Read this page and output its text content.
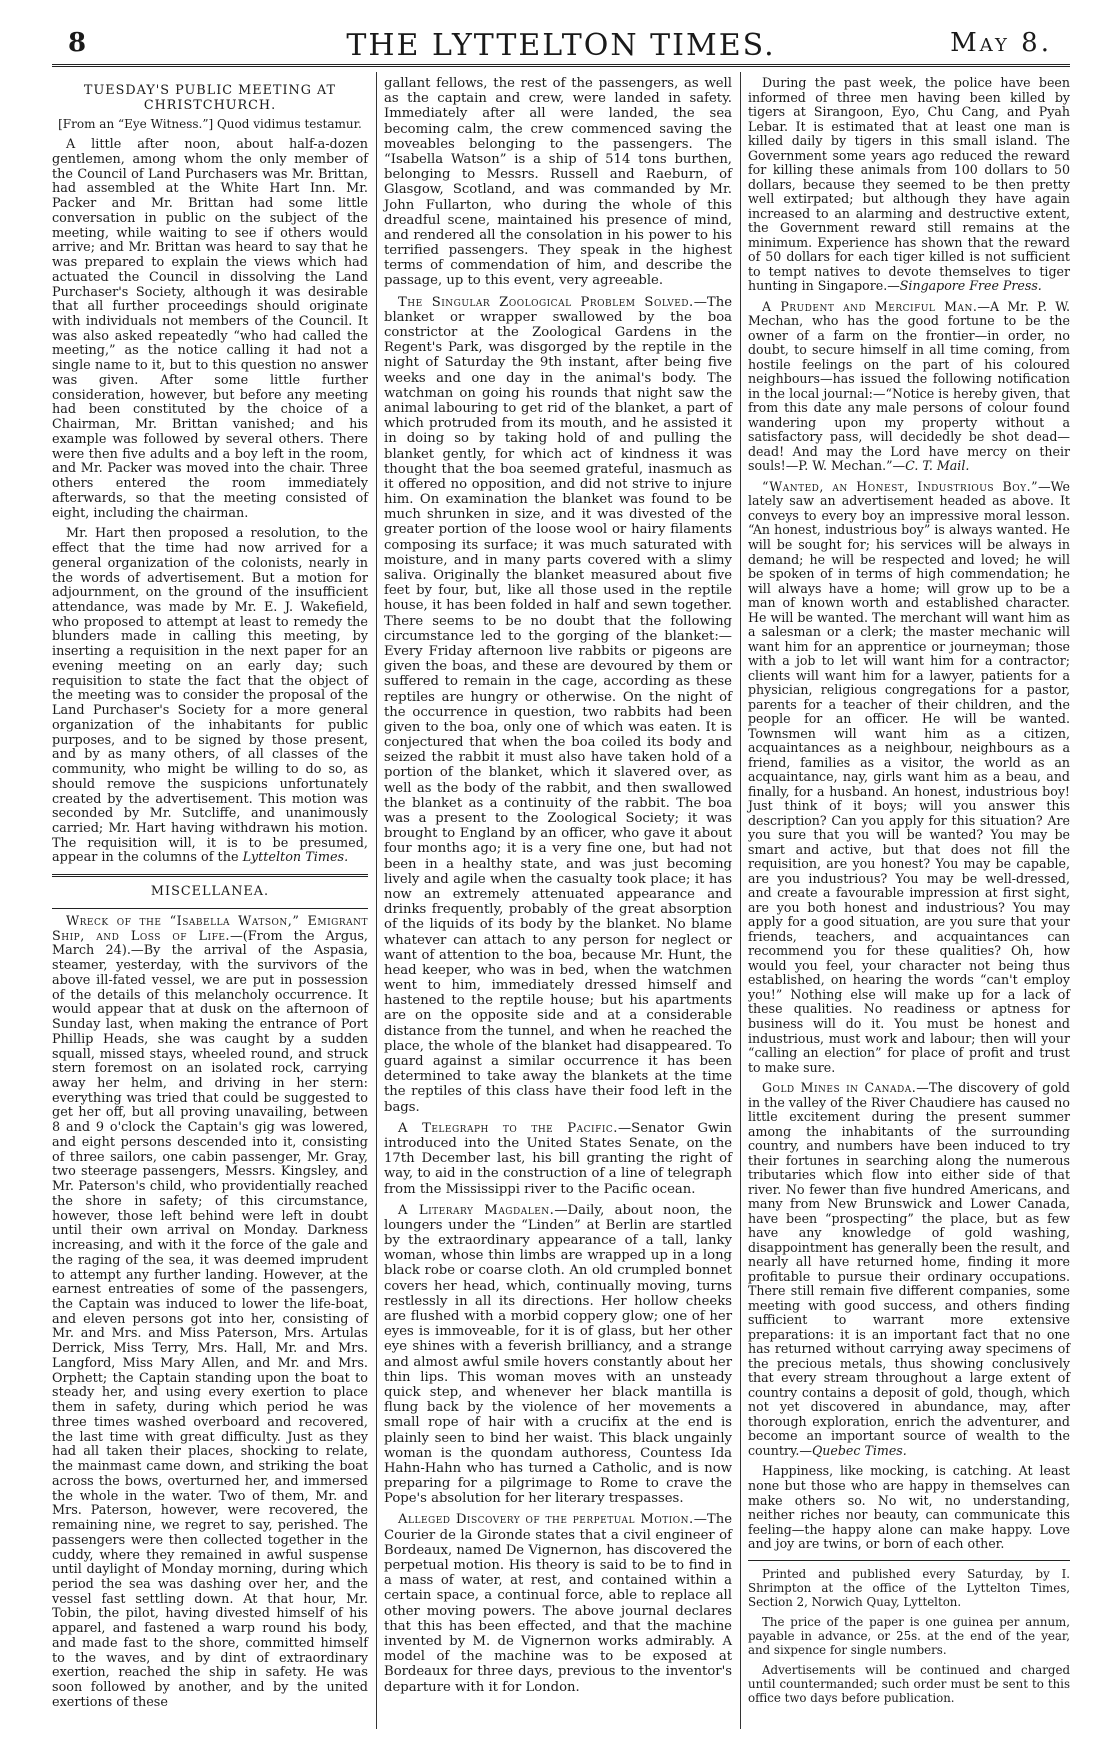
8	THE LYTTELTON TIMES.	May 8.

TUESDAY'S PUBLIC MEETING AT CHRISTCHURCH.

[From an “Eye Witness.”] Quod vidimus testamur.

A little after noon, about half-a-dozen gentlemen, among whom the only member of the Council of Land Purchasers was Mr. Brittan, had assembled at the White Hart Inn. Mr. Packer and Mr. Brittan had some little conversation in public on the subject of the meeting, while waiting to see if others would arrive; and Mr. Brittan was heard to say that he was prepared to explain the views which had actuated the Council in dissolving the Land Purchaser's Society, although it was desirable that all further proceedings should originate with individuals not members of the Council. It was also asked repeatedly “who had called the meeting,” as the notice calling it had not a single name to it, but to this question no answer was given. After some little further consideration, however, but before any meeting had been constituted by the choice of a Chairman, Mr. Brittan vanished; and his example was followed by several others. There were then five adults and a boy left in the room, and Mr. Packer was moved into the chair. Three others entered the room immediately afterwards, so that the meeting consisted of eight, including the chairman.

Mr. Hart then proposed a resolution, to the effect that the time had now arrived for a general organization of the colonists, nearly in the words of advertisement. But a motion for adjournment, on the ground of the insufficient attendance, was made by Mr. E. J. Wakefield, who proposed to attempt at least to remedy the blunders made in calling this meeting, by inserting a requisition in the next paper for an evening meeting on an early day; such requisition to state the fact that the object of the meeting was to consider the proposal of the Land Purchaser's Society for a more general organization of the inhabitants for public purposes, and to be signed by those present, and by as many others, of all classes of the community, who might be willing to do so, as should remove the suspicions unfortunately created by the advertisement. This motion was seconded by Mr. Sutcliffe, and unanimously carried; Mr. Hart having withdrawn his motion. The requisition will, it is to be presumed, appear in the columns of the Lyttelton Times.

MISCELLANEA.

Wreck of the “Isabella Watson,” Emigrant Ship, and Loss of Life.—(From the Argus, March 24).—By the arrival of the Aspasia, steamer, yesterday, with the survivors of the above ill-fated vessel, we are put in possession of the details of this melancholy occurrence. It would appear that at dusk on the afternoon of Sunday last, when making the entrance of Port Phillip Heads, she was caught by a sudden squall, missed stays, wheeled round, and struck stern foremost on an isolated rock, carrying away her helm, and driving in her stern: everything was tried that could be suggested to get her off, but all proving unavailing, between 8 and 9 o'clock the Captain's gig was lowered, and eight persons descended into it, consisting of three sailors, one cabin passenger, Mr. Gray, two steerage passengers, Messrs. Kingsley, and Mr. Paterson's child, who providentially reached the shore in safety; of this circumstance, however, those left behind were left in doubt until their own arrival on Monday. Darkness increasing, and with it the force of the gale and the raging of the sea, it was deemed imprudent to attempt any further landing. However, at the earnest entreaties of some of the passengers, the Captain was induced to lower the life-boat, and eleven persons got into her, consisting of Mr. and Mrs. and Miss Paterson, Mrs. Artulas Derrick, Miss Terry, Mrs. Hall, Mr. and Mrs. Langford, Miss Mary Allen, and Mr. and Mrs. Orphett; the Captain standing upon the boat to steady her, and using every exertion to place them in safety, during which period he was three times washed overboard and recovered, the last time with great difficulty. Just as they had all taken their places, shocking to relate, the mainmast came down, and striking the boat across the bows, overturned her, and immersed the whole in the water. Two of them, Mr. and Mrs. Paterson, however, were recovered, the remaining nine, we regret to say, perished. The passengers were then collected together in the cuddy, where they remained in awful suspense until daylight of Monday morning, during which period the sea was dashing over her, and the vessel fast settling down. At that hour, Mr. Tobin, the pilot, having divested himself of his apparel, and fastened a warp round his body, and made fast to the shore, committed himself to the waves, and by dint of extraordinary exertion, reached the ship in safety. He was soon followed by another, and by the united exertions of these

gallant fellows, the rest of the passengers, as well as the captain and crew, were landed in safety. Immediately after all were landed, the sea becoming calm, the crew commenced saving the moveables belonging to the passengers. The “Isabella Watson” is a ship of 514 tons burthen, belonging to Messrs. Russell and Raeburn, of Glasgow, Scotland, and was commanded by Mr. John Fullarton, who during the whole of this dreadful scene, maintained his presence of mind, and rendered all the consolation in his power to his terrified passengers. They speak in the highest terms of commendation of him, and describe the passage, up to this event, very agreeable.

The Singular Zoological Problem Solved.—The blanket or wrapper swallowed by the boa constrictor at the Zoological Gardens in the Regent's Park, was disgorged by the reptile in the night of Saturday the 9th instant, after being five weeks and one day in the animal's body. The watchman on going his rounds that night saw the animal labouring to get rid of the blanket, a part of which protruded from its mouth, and he assisted it in doing so by taking hold of and pulling the blanket gently, for which act of kindness it was thought that the boa seemed grateful, inasmuch as it offered no opposition, and did not strive to injure him. On examination the blanket was found to be much shrunken in size, and it was divested of the greater portion of the loose wool or hairy filaments composing its surface; it was much saturated with moisture, and in many parts covered with a slimy saliva. Originally the blanket measured about five feet by four, but, like all those used in the reptile house, it has been folded in half and sewn together. There seems to be no doubt that the following circumstance led to the gorging of the blanket:—Every Friday afternoon live rabbits or pigeons are given the boas, and these are devoured by them or suffered to remain in the cage, according as these reptiles are hungry or otherwise. On the night of the occurrence in question, two rabbits had been given to the boa, only one of which was eaten. It is conjectured that when the boa coiled its body and seized the rabbit it must also have taken hold of a portion of the blanket, which it slavered over, as well as the body of the rabbit, and then swallowed the blanket as a continuity of the rabbit. The boa was a present to the Zoological Society; it was brought to England by an officer, who gave it about four months ago; it is a very fine one, but had not been in a healthy state, and was just becoming lively and agile when the casualty took place; it has now an extremely attenuated appearance and drinks frequently, probably of the great absorption of the liquids of its body by the blanket. No blame whatever can attach to any person for neglect or want of attention to the boa, because Mr. Hunt, the head keeper, who was in bed, when the watchmen went to him, immediately dressed himself and hastened to the reptile house; but his apartments are on the opposite side and at a considerable distance from the tunnel, and when he reached the place, the whole of the blanket had disappeared. To guard against a similar occurrence it has been determined to take away the blankets at the time the reptiles of this class have their food left in the bags.

A Telegraph to the Pacific.—Senator Gwin introduced into the United States Senate, on the 17th December last, his bill granting the right of way, to aid in the construction of a line of telegraph from the Mississippi river to the Pacific ocean.

A Literary Magdalen.—Daily, about noon, the loungers under the “Linden” at Berlin are startled by the extraordinary appearance of a tall, lanky woman, whose thin limbs are wrapped up in a long black robe or coarse cloth. An old crumpled bonnet covers her head, which, continually moving, turns restlessly in all its directions. Her hollow cheeks are flushed with a morbid coppery glow; one of her eyes is immoveable, for it is of glass, but her other eye shines with a feverish brilliancy, and a strange and almost awful smile hovers constantly about her thin lips. This woman moves with an unsteady quick step, and whenever her black mantilla is flung back by the violence of her movements a small rope of hair with a crucifix at the end is plainly seen to bind her waist. This black ungainly woman is the quondam authoress, Countess Ida Hahn-Hahn who has turned a Catholic, and is now preparing for a pilgrimage to Rome to crave the Pope's absolution for her literary trespasses.

Alleged Discovery of the perpetual Motion.—The Courier de la Gironde states that a civil engineer of Bordeaux, named De Vignernon, has discovered the perpetual motion. His theory is said to be to find in a mass of water, at rest, and contained within a certain space, a continual force, able to replace all other moving powers. The above journal declares that this has been effected, and that the machine invented by M. de Vignernon works admirably. A model of the machine was to be exposed at Bordeaux for three days, previous to the inventor's departure with it for London.

During the past week, the police have been informed of three men having been killed by tigers at Sirangoon, Eyo, Chu Cang, and Pyah Lebar. It is estimated that at least one man is killed daily by tigers in this small island. The Government some years ago reduced the reward for killing these animals from 100 dollars to 50 dollars, because they seemed to be then pretty well extirpated; but although they have again increased to an alarming and destructive extent, the Government reward still remains at the minimum. Experience has shown that the reward of 50 dollars for each tiger killed is not sufficient to tempt natives to devote themselves to tiger hunting in Singapore.—Singapore Free Press.

A Prudent and Merciful Man.—A Mr. P. W. Mechan, who has the good fortune to be the owner of a farm on the frontier—in order, no doubt, to secure himself in all time coming, from hostile feelings on the part of his coloured neighbours—has issued the following notification in the local journal:—“Notice is hereby given, that from this date any male persons of colour found wandering upon my property without a satisfactory pass, will decidedly be shot dead—dead! And may the Lord have mercy on their souls!—P. W. Mechan.”—C. T. Mail.

“Wanted, an Honest, Industrious Boy.”—We lately saw an advertisement headed as above. It conveys to every boy an impressive moral lesson. “An honest, industrious boy” is always wanted. He will be sought for; his services will be always in demand; he will be respected and loved; he will be spoken of in terms of high commendation; he will always have a home; will grow up to be a man of known worth and established character. He will be wanted. The merchant will want him as a salesman or a clerk; the master mechanic will want him for an apprentice or journeyman; those with a job to let will want him for a contractor; clients will want him for a lawyer, patients for a physician, religious congregations for a pastor, parents for a teacher of their children, and the people for an officer. He will be wanted. Townsmen will want him as a citizen, acquaintances as a neighbour, neighbours as a friend, families as a visitor, the world as an acquaintance, nay, girls want him as a beau, and finally, for a husband. An honest, industrious boy! Just think of it boys; will you answer this description? Can you apply for this situation? Are you sure that you will be wanted? You may be smart and active, but that does not fill the requisition, are you honest? You may be capable, are you industrious? You may be well-dressed, and create a favourable impression at first sight, are you both honest and industrious? You may apply for a good situation, are you sure that your friends, teachers, and acquaintances can recommend you for these qualities? Oh, how would you feel, your character not being thus established, on hearing the words “can't employ you!” Nothing else will make up for a lack of these qualities. No readiness or aptness for business will do it. You must be honest and industrious, must work and labour; then will your “calling an election” for place of profit and trust to make sure.

Gold Mines in Canada.—The discovery of gold in the valley of the River Chaudiere has caused no little excitement during the present summer among the inhabitants of the surrounding country, and numbers have been induced to try their fortunes in searching along the numerous tributaries which flow into either side of that river. No fewer than five hundred Americans, and many from New Brunswick and Lower Canada, have been “prospecting” the place, but as few have any knowledge of gold washing, disappointment has generally been the result, and nearly all have returned home, finding it more profitable to pursue their ordinary occupations. There still remain five different companies, some meeting with good success, and others finding sufficient to warrant more extensive preparations: it is an important fact that no one has returned without carrying away specimens of the precious metals, thus showing conclusively that every stream throughout a large extent of country contains a deposit of gold, though, which not yet discovered in abundance, may, after thorough exploration, enrich the adventurer, and become an important source of wealth to the country.—Quebec Times.

Happiness, like mocking, is catching. At least none but those who are happy in themselves can make others so. No wit, no understanding, neither riches nor beauty, can communicate this feeling—the happy alone can make happy. Love and joy are twins, or born of each other.

Printed and published every Saturday, by I. Shrimpton at the office of the Lyttelton Times, Section 2, Norwich Quay, Lyttelton.

The price of the paper is one guinea per annum, payable in advance, or 25s. at the end of the year, and sixpence for single numbers.

Advertisements will be continued and charged until countermanded; such order must be sent to this office two days before publication.
